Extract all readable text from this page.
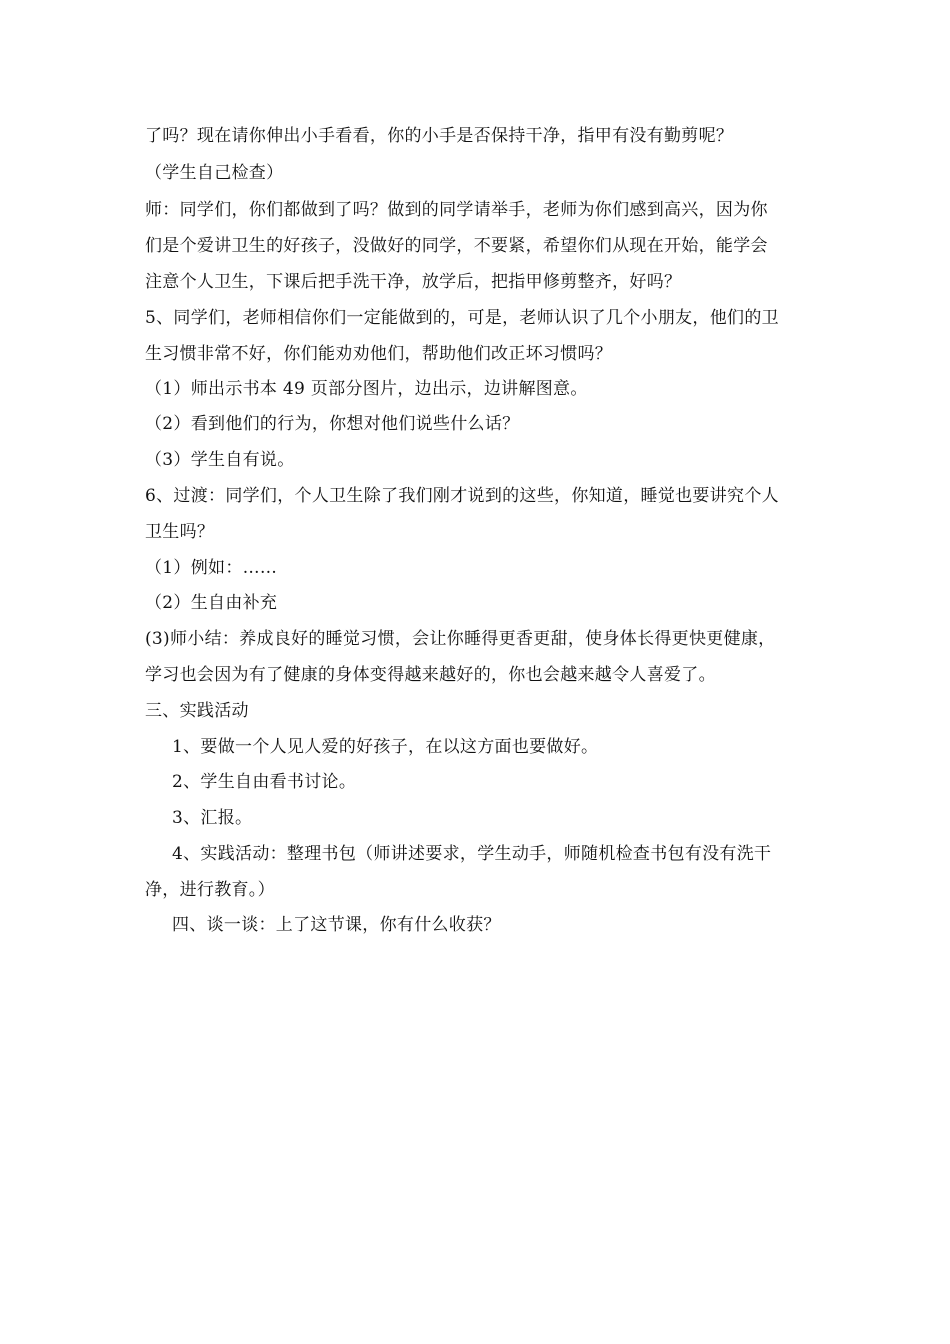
了吗？现在请你伸出小手看看，你的小手是否保持干净，指甲有没有勤剪呢？
（学生自己检查）
师：同学们，你们都做到了吗？做到的同学请举手，老师为你们感到高兴，因为你
们是个爱讲卫生的好孩子，没做好的同学，不要紧，希望你们从现在开始，能学会
注意个人卫生，下课后把手洗干净，放学后，把指甲修剪整齐，好吗？
5、同学们，老师相信你们一定能做到的，可是，老师认识了几个小朋友，他们的卫
生习惯非常不好，你们能劝劝他们，帮助他们改正坏习惯吗？
（1）师出示书本 49 页部分图片，边出示，边讲解图意。
（2）看到他们的行为，你想对他们说些什么话？
（3）学生自有说。
6、过渡：同学们，个人卫生除了我们刚才说到的这些，你知道，睡觉也要讲究个人
卫生吗？
（1）例如：……
（2）生自由补充
(3)师小结：养成良好的睡觉习惯，会让你睡得更香更甜，使身体长得更快更健康，
学习也会因为有了健康的身体变得越来越好的，你也会越来越令人喜爱了。
三、实践活动
1、要做一个人见人爱的好孩子，在以这方面也要做好。
2、学生自由看书讨论。
3、汇报。
4、实践活动：整理书包（师讲述要求，学生动手，师随机检查书包有没有洗干
净，进行教育。）
四、谈一谈：上了这节课，你有什么收获？
